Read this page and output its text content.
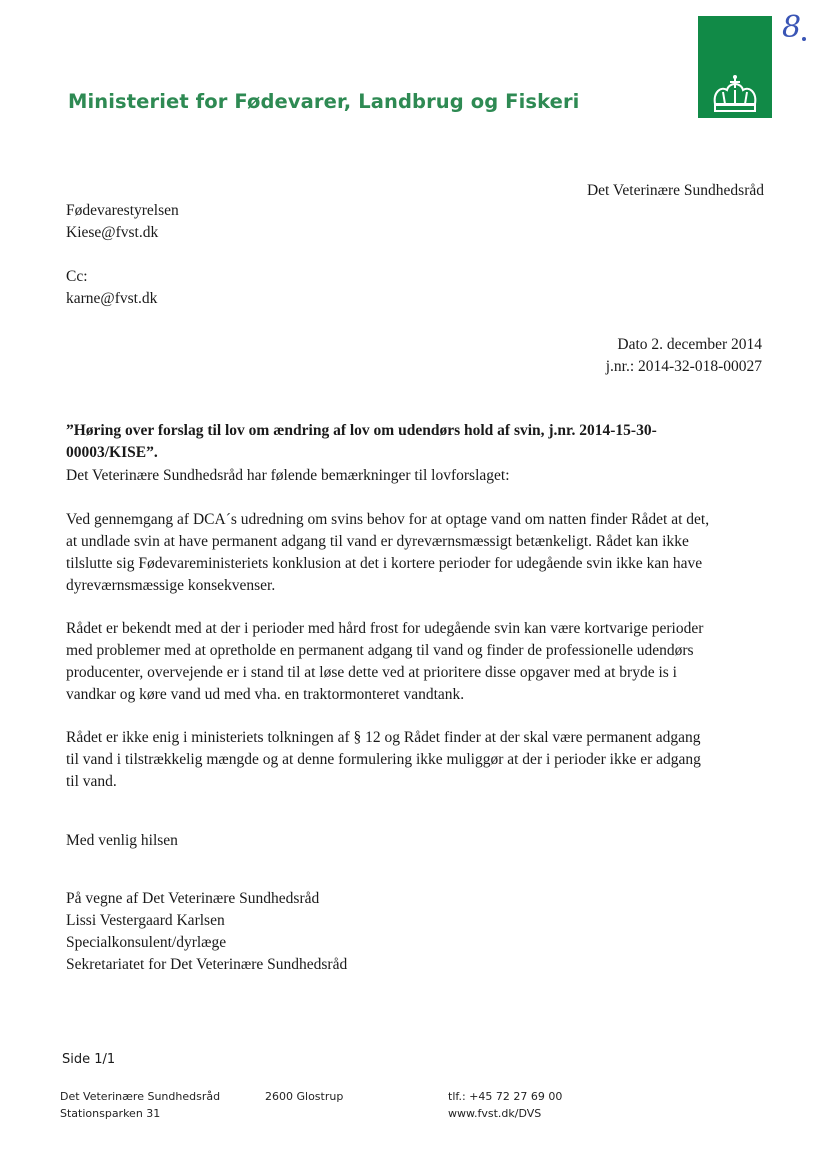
Ministeriet for Fødevarer, Landbrug og Fiskeri
8
Det Veterinære Sundhedsråd
Fødevarestyrelsen
Kiese@fvst.dk
Cc:
karne@fvst.dk
Dato 2. december 2014
j.nr.: 2014-32-018-00027
”Høring over forslag til lov om ændring af lov om udendørs hold af svin, j.nr. 2014-15-30-
00003/KISE”.
Det Veterinære Sundhedsråd har følende bemærkninger til lovforslaget:

Ved gennemgang af DCA´s udredning om svins behov for at optage vand om natten finder Rådet at det,

at undlade svin at have permanent adgang til vand er dyreværnsmæssigt betænkeligt. Rådet kan ikke

tilslutte sig Fødevareministeriets konklusion at det i kortere perioder for udegående svin ikke kan have

dyreværnsmæssige konsekvenser.

Rådet er bekendt med at der i perioder med hård frost for udegående svin kan være kortvarige perioder

med problemer med at opretholde en permanent adgang til vand og finder de professionelle udendørs

producenter, overvejende er i stand til at løse dette ved at prioritere disse opgaver med at bryde is i

vandkar og køre vand ud med vha. en traktormonteret vandtank.

Rådet er ikke enig i ministeriets tolkningen af § 12 og Rådet finder at der skal være permanent adgang

til vand i tilstrækkelig mængde og at denne formulering ikke muliggør at der i perioder ikke er adgang

til vand.

Med venlig hilsen
På vegne af Det Veterinære Sundhedsråd
Lissi Vestergaard Karlsen
Specialkonsulent/dyrlæge
Sekretariatet for Det Veterinære Sundhedsråd
Side 1/1
Det Veterinære Sundhedsråd
Stationsparken 31
2600 Glostrup	tlf.: +45 72 27 69 00
www.fvst.dk/DVS
